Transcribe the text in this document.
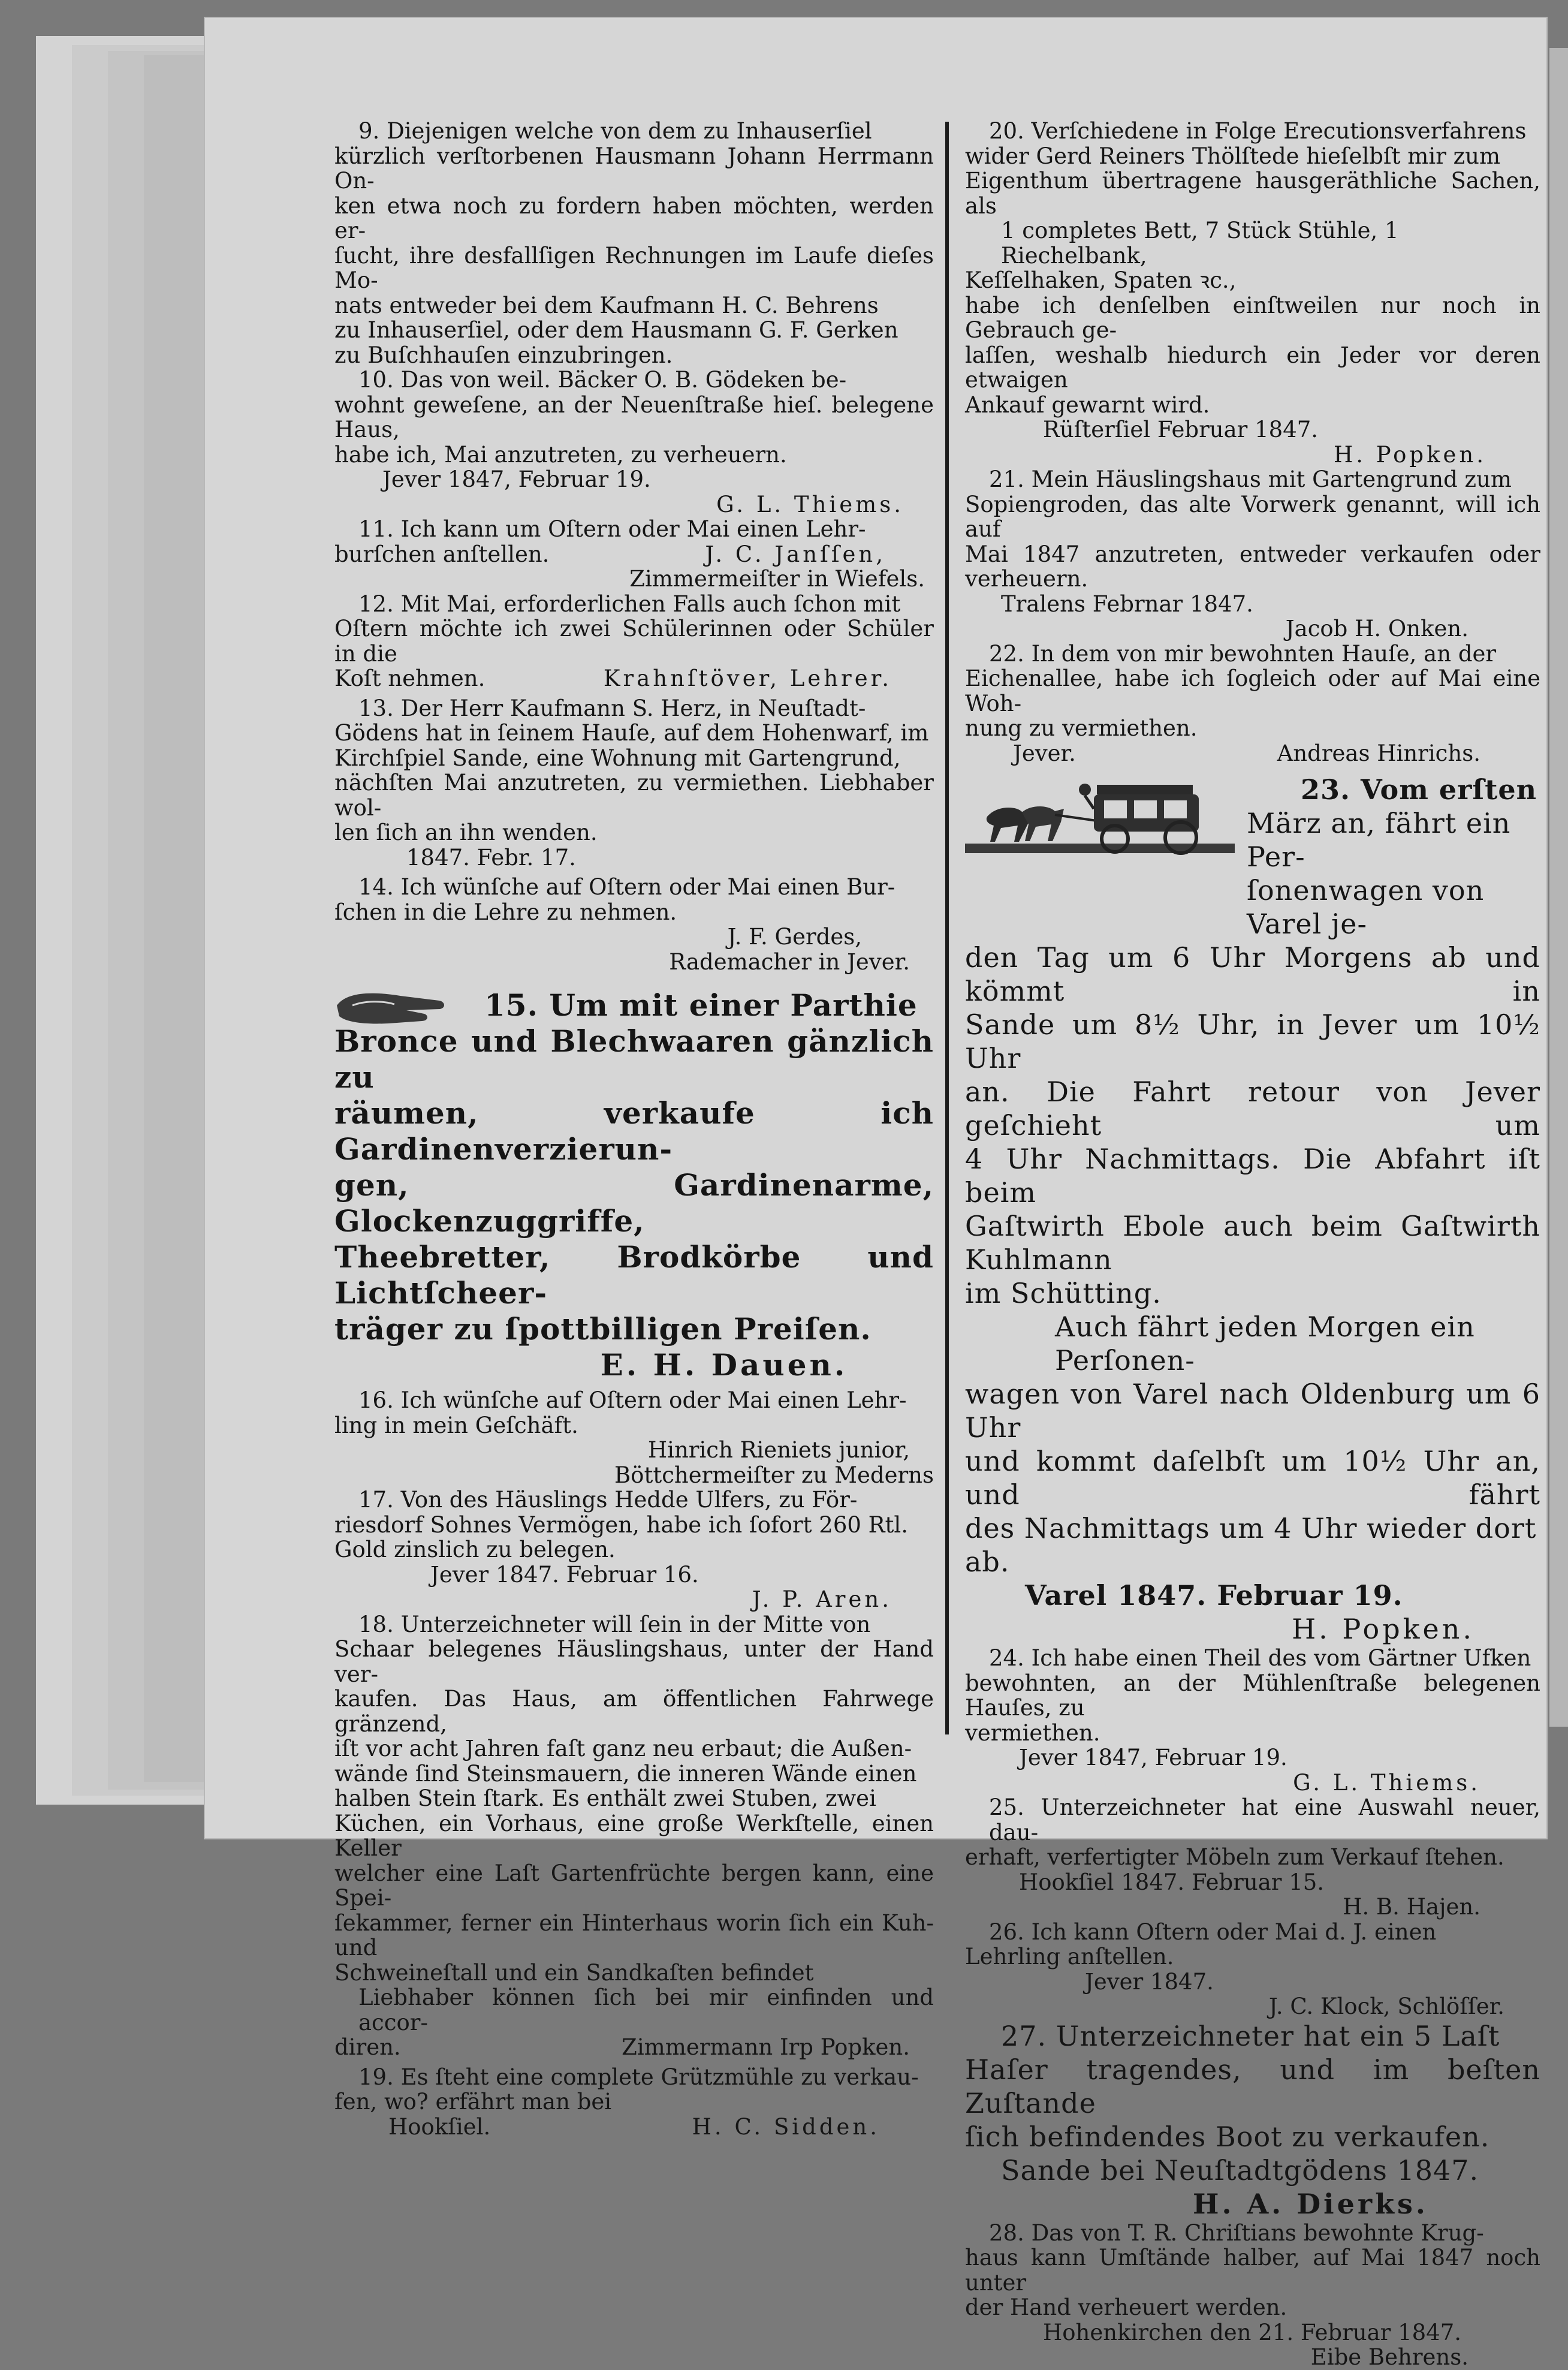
9. Diejenigen welche von dem zu Inhauserſiel

kürzlich verſtorbenen Hausmann Johann Herrmann On-

ken etwa noch zu fordern haben möchten, werden er-

ſucht, ihre desfallſigen Rechnungen im Laufe dieſes Mo-

nats entweder bei dem Kaufmann H. C. Behrens

zu Inhauserſiel, oder dem Hausmann G. F. Gerken

zu Buſchhauſen einzubringen.

10. Das von weil. Bäcker O. B. Gödeken be-

wohnt geweſene, an der Neuenſtraße hieſ. belegene Haus,

habe ich, Mai anzutreten, zu verheuern.

Jever 1847, Februar 19.

G. L. Thiems.

11. Ich kann um Oſtern oder Mai einen Lehr-

burſchen anſtellen.	J. C. Janſſen,

Zimmermeiſter in Wiefels.

12. Mit Mai, erforderlichen Falls auch ſchon mit

Oſtern möchte ich zwei Schülerinnen oder Schüler in die

Koſt nehmen.	Krahnſtöver, Lehrer.

13. Der Herr Kaufmann S. Herz, in Neuſtadt-

Gödens hat in ſeinem Hauſe, auf dem Hohenwarf, im

Kirchſpiel Sande, eine Wohnung mit Gartengrund,

nächſten Mai anzutreten, zu vermiethen. Liebhaber wol-

len ſich an ihn wenden.

1847. Febr. 17.

14. Ich wünſche auf Oſtern oder Mai einen Bur-

ſchen in die Lehre zu nehmen.

J. F. Gerdes,

Rademacher in Jever.

15. Um mit einer Parthie

Bronce und Blechwaaren gänzlich zu

räumen, verkaufe ich Gardinenverzierun-

gen, Gardinenarme, Glockenzuggriffe,

Theebretter, Brodkörbe und Lichtſcheer-

träger zu ſpottbilligen Preiſen.

E. H. Dauen.

16. Ich wünſche auf Oſtern oder Mai einen Lehr-

ling in mein Geſchäft.

Hinrich Rieniets junior,

Böttchermeiſter zu Mederns

17. Von des Häuslings Hedde Ulfers, zu För-

riesdorf Sohnes Vermögen, habe ich ſofort 260 Rtl.

Gold zinslich zu belegen.

Jever 1847. Februar 16.

J. P. Aren.

18. Unterzeichneter will ſein in der Mitte von

Schaar belegenes Häuslingshaus, unter der Hand ver-

kaufen. Das Haus, am öffentlichen Fahrwege gränzend,

iſt vor acht Jahren faſt ganz neu erbaut; die Außen-

wände ſind Steinsmauern, die inneren Wände einen

halben Stein ſtark. Es enthält zwei Stuben, zwei

Küchen, ein Vorhaus, eine große Werkſtelle, einen Keller

welcher eine Laſt Gartenfrüchte bergen kann, eine Spei-

ſekammer, ferner ein Hinterhaus worin ſich ein Kuh- und

Schweineſtall und ein Sandkaſten befindet

Liebhaber können ſich bei mir einfinden und accor-

diren.	Zimmermann Irp Popken.

19. Es ſteht eine complete Grützmühle zu verkau-

fen, wo? erfährt man bei

Hookſiel.	H. C. Sidden.

20. Verſchiedene in Folge Erecutionsverfahrens

wider Gerd Reiners Thölſtede hieſelbſt mir zum

Eigenthum übertragene hausgeräthliche Sachen, als

1 completes Bett, 7 Stück Stühle, 1 Riechelbank,

Keſſelhaken, Spaten ꝛc.,

habe ich denſelben einſtweilen nur noch in Gebrauch ge-

laſſen, weshalb hiedurch ein Jeder vor deren etwaigen

Ankauf gewarnt wird.

Rüſterſiel Februar 1847.

H. Popken.

21. Mein Häuslingshaus mit Gartengrund zum

Sopiengroden, das alte Vorwerk genannt, will ich auf

Mai 1847 anzutreten, entweder verkaufen oder verheuern.

Tralens Febrnar 1847.

Jacob H. Onken.

22. In dem von mir bewohnten Hauſe, an der

Eichenallee, habe ich ſogleich oder auf Mai eine Woh-

nung zu vermiethen.

Jever.	Andreas Hinrichs.

23. Vom erſten

März an, fährt ein Per-

ſonenwagen von Varel je-

den Tag um 6 Uhr Morgens ab und kömmt in

Sande um 8½ Uhr, in Jever um 10½ Uhr

an. Die Fahrt retour von Jever geſchieht um

4 Uhr Nachmittags. Die Abfahrt iſt beim

Gaſtwirth Ebole auch beim Gaſtwirth Kuhlmann

im Schütting.

Auch fährt jeden Morgen ein Perſonen-

wagen von Varel nach Oldenburg um 6 Uhr

und kommt daſelbſt um 10½ Uhr an, und fährt

des Nachmittags um 4 Uhr wieder dort ab.

Varel 1847. Februar 19.

H. Popken.

24. Ich habe einen Theil des vom Gärtner Ufken

bewohnten, an der Mühlenſtraße belegenen Hauſes, zu

vermiethen.

Jever 1847, Februar 19.

G. L. Thiems.

25. Unterzeichneter hat eine Auswahl neuer, dau-

erhaft, verfertigter Möbeln zum Verkauf ſtehen.

Hookſiel 1847. Februar 15.

H. B. Hajen.

26. Ich kann Oſtern oder Mai d. J. einen

Lehrling anſtellen.

Jever 1847.

J. C. Klock, Schlöſſer.

27. Unterzeichneter hat ein 5 Laſt

Haſer tragendes, und im beſten Zuſtande

ſich befindendes Boot zu verkaufen.

Sande bei Neuſtadtgödens 1847.

H. A. Dierks.

28. Das von T. R. Chriſtians bewohnte Krug-

haus kann Umſtände halber, auf Mai 1847 noch unter

der Hand verheuert werden.

Hohenkirchen den 21. Februar 1847.

Eibe Behrens.
